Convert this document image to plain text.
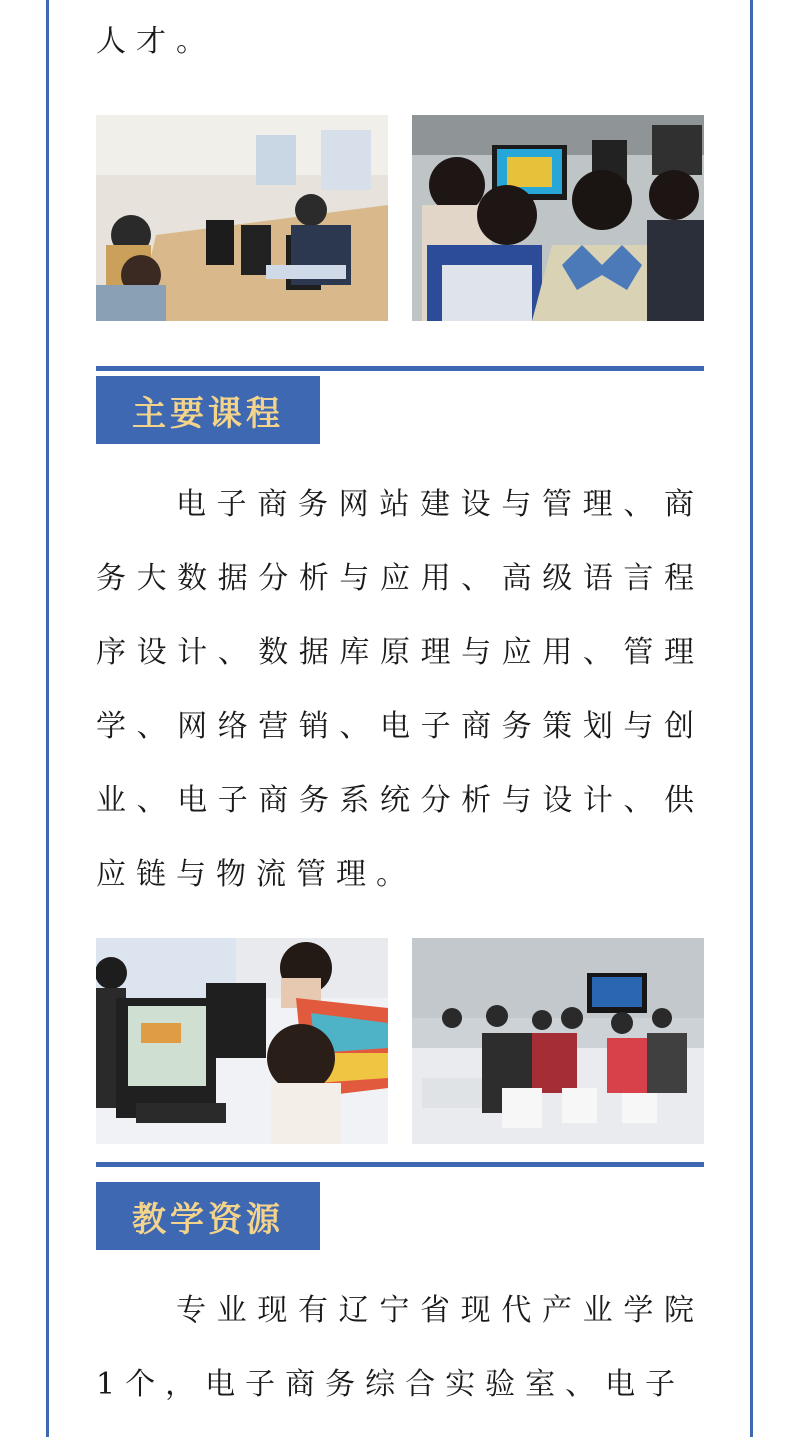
人才。
主要课程

电子商务网站建设与管理、商务大数据分析与应用、高级语言程序设计、数据库原理与应用、管理学、网络营销、电子商务策划与创业、电子商务系统分析与设计、供应链与物流管理。

教学资源

专业现有辽宁省现代产业学院1个，电子商务综合实验室、电子
